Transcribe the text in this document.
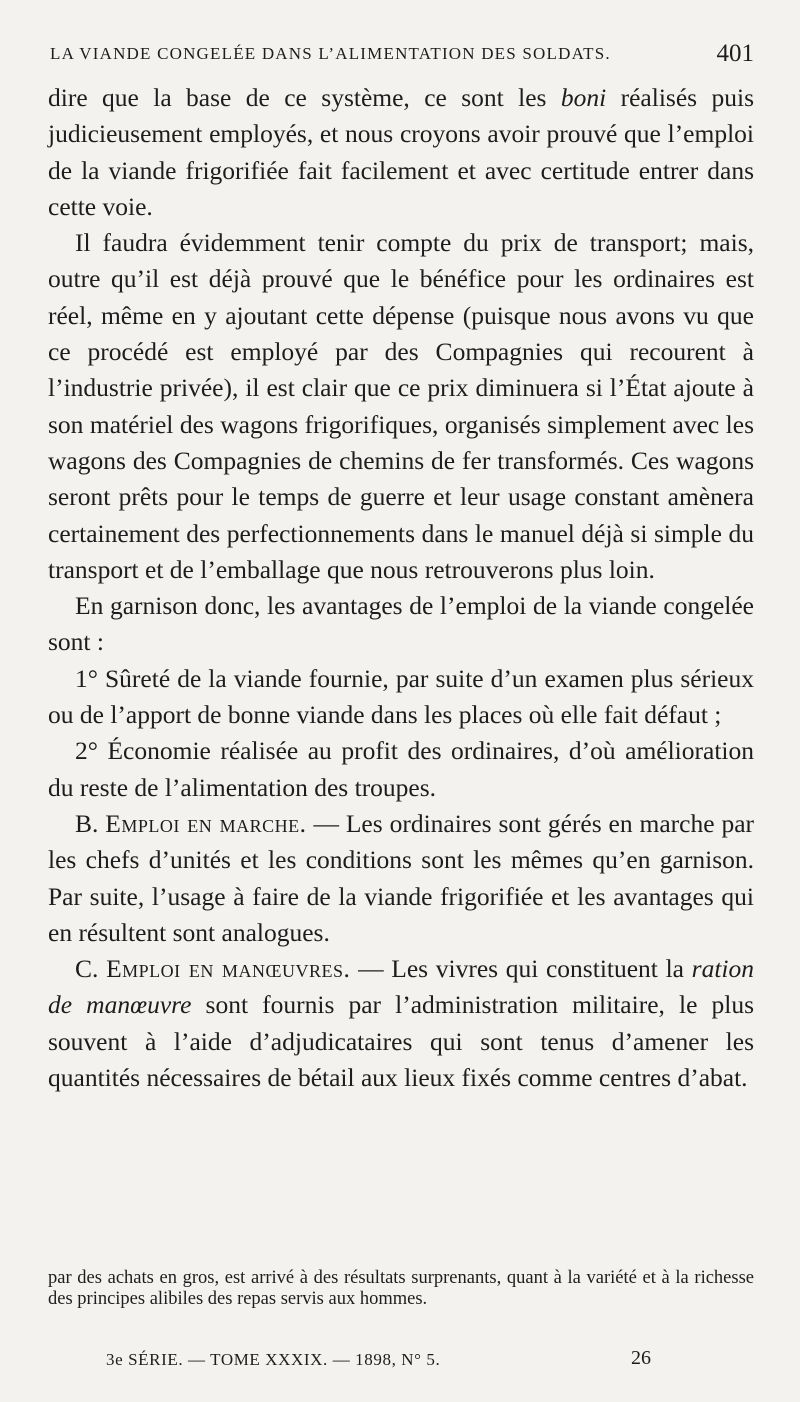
LA VIANDE CONGELÉE DANS L’ALIMENTATION DES SOLDATS.	401

dire que la base de ce système, ce sont les boni réalisés puis judicieusement employés, et nous croyons avoir prouvé que l’emploi de la viande frigorifiée fait facilement et avec certitude entrer dans cette voie.

Il faudra évidemment tenir compte du prix de transport; mais, outre qu’il est déjà prouvé que le bénéfice pour les ordinaires est réel, même en y ajoutant cette dépense (puisque nous avons vu que ce procédé est employé par des Compagnies qui recourent à l’industrie privée), il est clair que ce prix diminuera si l’État ajoute à son matériel des wagons frigorifiques, organisés simplement avec les wagons des Compagnies de chemins de fer transformés. Ces wagons seront prêts pour le temps de guerre et leur usage constant amènera certainement des perfectionnements dans le manuel déjà si simple du transport et de l’emballage que nous retrouverons plus loin.

En garnison donc, les avantages de l’emploi de la viande congelée sont :

1° Sûreté de la viande fournie, par suite d’un examen plus sérieux ou de l’apport de bonne viande dans les places où elle fait défaut ;

2° Économie réalisée au profit des ordinaires, d’où amélioration du reste de l’alimentation des troupes.

B. Emploi en marche. — Les ordinaires sont gérés en marche par les chefs d’unités et les conditions sont les mêmes qu’en garnison. Par suite, l’usage à faire de la viande frigorifiée et les avantages qui en résultent sont analogues.

C. Emploi en manœuvres. — Les vivres qui constituent la ration de manœuvre sont fournis par l’administration militaire, le plus souvent à l’aide d’adjudicataires qui sont tenus d’amener les quantités nécessaires de bétail aux lieux fixés comme centres d’abat.

par des achats en gros, est arrivé à des résultats surprenants, quant à la variété et à la richesse des principes alibiles des repas servis aux hommes.

3e SÉRIE. — TOME XXXIX. — 1898, N° 5.	26
